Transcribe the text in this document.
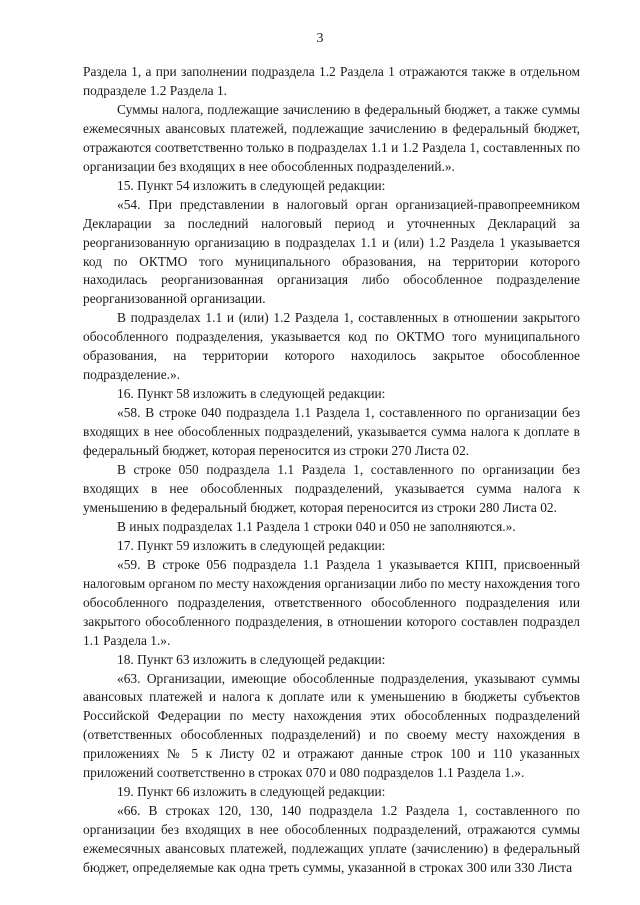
3

Раздела 1, а при заполнении подраздела 1.2 Раздела 1 отражаются также в отдельном подразделе 1.2 Раздела 1.

Суммы налога, подлежащие зачислению в федеральный бюджет, а также суммы ежемесячных авансовых платежей, подлежащие зачислению в федеральный бюджет, отражаются соответственно только в подразделах 1.1 и 1.2 Раздела 1, составленных по организации без входящих в нее обособленных подразделений.».

15. Пункт 54 изложить в следующей редакции:

«54. При представлении в налоговый орган организацией-правопреемником Декларации за последний налоговый период и уточненных Деклараций за реорганизованную организацию в подразделах 1.1 и (или) 1.2 Раздела 1 указывается код по ОКТМО того муниципального образования, на территории которого находилась реорганизованная организация либо обособленное подразделение реорганизованной организации.

В подразделах 1.1 и (или) 1.2 Раздела 1, составленных в отношении закрытого обособленного подразделения, указывается код по ОКТМО того муниципального образования, на территории которого находилось закрытое обособленное подразделение.».

16. Пункт 58 изложить в следующей редакции:

«58. В строке 040 подраздела 1.1 Раздела 1, составленного по организации без входящих в нее обособленных подразделений, указывается сумма налога к доплате в федеральный бюджет, которая переносится из строки 270 Листа 02.

В строке 050 подраздела 1.1 Раздела 1, составленного по организации без входящих в нее обособленных подразделений, указывается сумма налога к уменьшению в федеральный бюджет, которая переносится из строки 280 Листа 02.

В иных подразделах 1.1 Раздела 1 строки 040 и 050 не заполняются.».

17. Пункт 59 изложить в следующей редакции:

«59. В строке 056 подраздела 1.1 Раздела 1 указывается КПП, присвоенный налоговым органом по месту нахождения организации либо по месту нахождения того обособленного подразделения, ответственного обособленного подразделения или закрытого обособленного подразделения, в отношении которого составлен подраздел 1.1 Раздела 1.».

18. Пункт 63 изложить в следующей редакции:

«63. Организации, имеющие обособленные подразделения, указывают суммы авансовых платежей и налога к доплате или к уменьшению в бюджеты субъектов Российской Федерации по месту нахождения этих обособленных подразделений (ответственных обособленных подразделений) и по своему месту нахождения в приложениях № 5 к Листу 02 и отражают данные строк 100 и 110 указанных приложений соответственно в строках 070 и 080 подразделов 1.1 Раздела 1.».

19. Пункт 66 изложить в следующей редакции:

«66. В строках 120, 130, 140 подраздела 1.2 Раздела 1, составленного по организации без входящих в нее обособленных подразделений, отражаются суммы ежемесячных авансовых платежей, подлежащих уплате (зачислению) в федеральный бюджет, определяемые как одна треть суммы, указанной в строках 300 или 330 Листа
